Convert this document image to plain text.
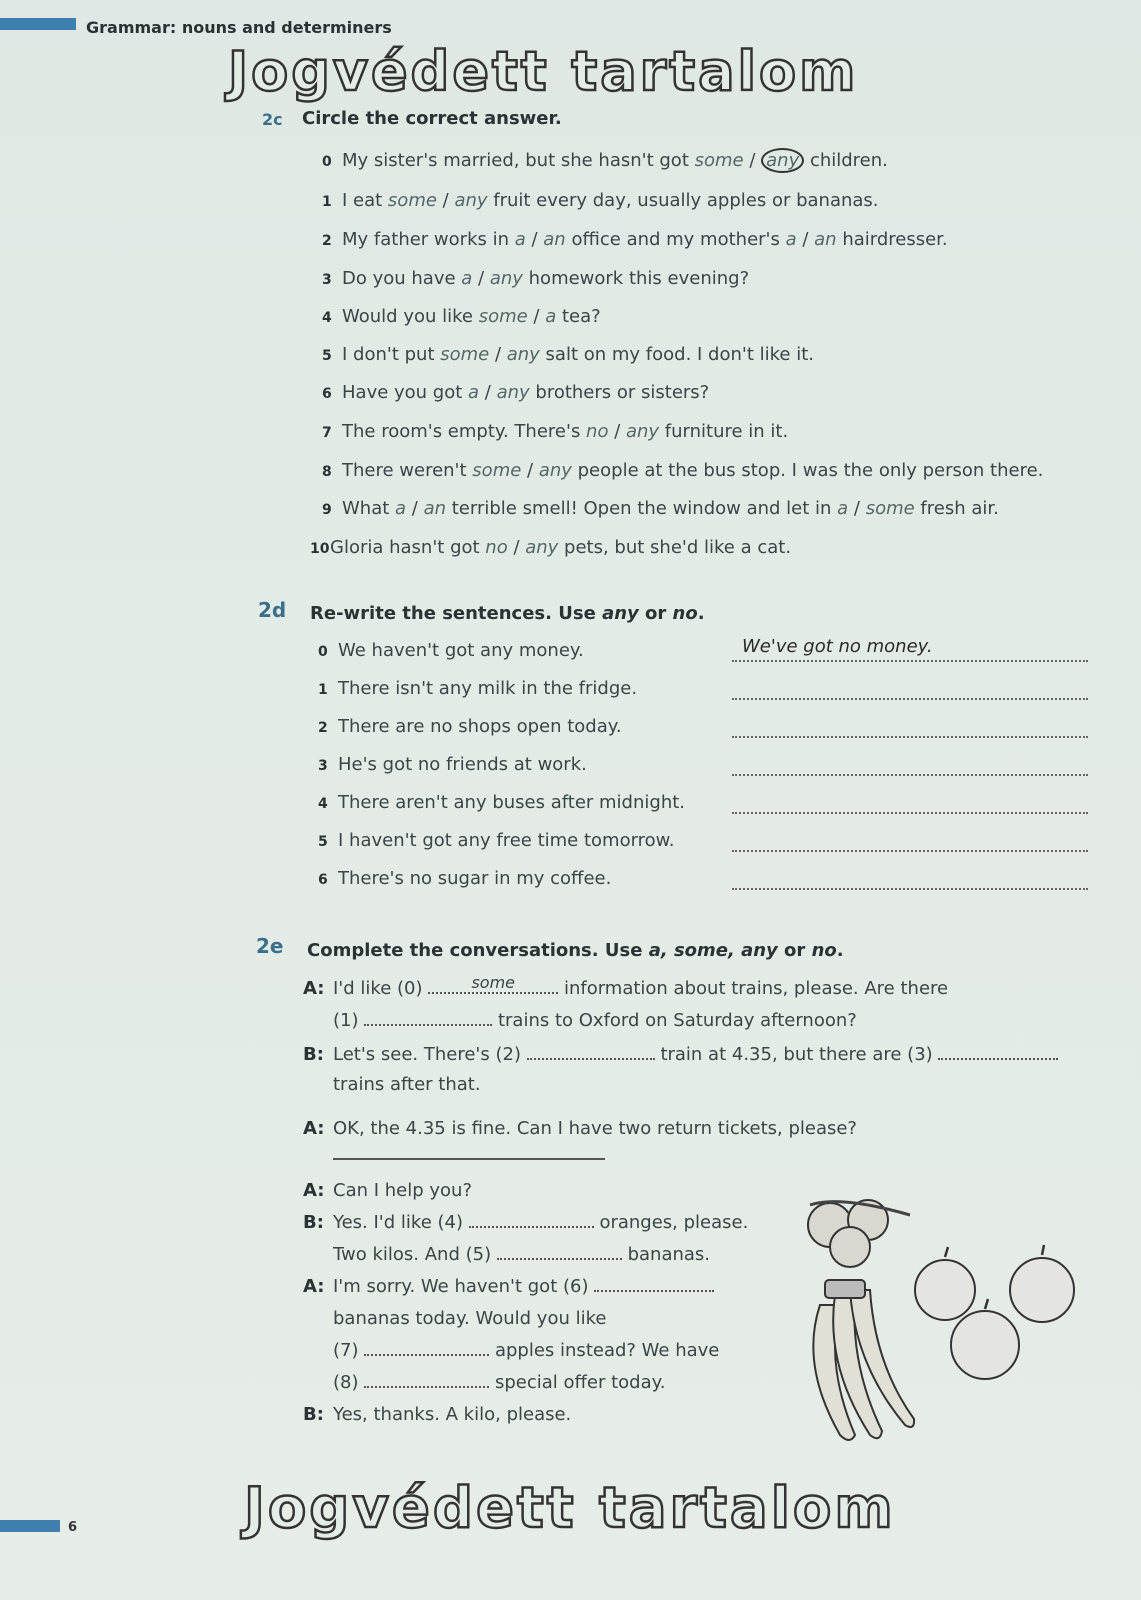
Grammar: nouns and determiners
Jogvédett tartalom
2c Circle the correct answer.
0 My sister's married, but she hasn't got some / any children.
1 I eat some / any fruit every day, usually apples or bananas.
2 My father works in a / an office and my mother's a / an hairdresser.
3 Do you have a / any homework this evening?
4 Would you like some / a tea?
5 I don't put some / any salt on my food. I don't like it.
6 Have you got a / any brothers or sisters?
7 The room's empty. There's no / any furniture in it.
8 There weren't some / any people at the bus stop. I was the only person there.
9 What a / an terrible smell! Open the window and let in a / some fresh air.
10Gloria hasn't got no / any pets, but she'd like a cat.
2d Re-write the sentences. Use any or no.
0 We haven't got any money.	We've got no money.
1 There isn't any milk in the fridge.
2 There are no shops open today.
3 He's got no friends at work.
4 There aren't any buses after midnight.
5 I haven't got any free time tomorrow.
6 There's no sugar in my coffee.
2e Complete the conversations. Use a, some, any or no.
A: I'd like (0)	some	information about trains, please. Are there
(1)	trains to Oxford on Saturday afternoon?
B: Let's see. There's (2)	train at 4.35, but there are (3)
trains after that.
A: OK, the 4.35 is fine. Can I have two return tickets, please?
A: Can I help you?
B: Yes. I'd like (4)	oranges, please.
Two kilos. And (5)	bananas.
A: I'm sorry. We haven't got (6)
bananas today. Would you like
(7)	apples instead? We have
(8)	special offer today.
B: Yes, thanks. A kilo, please.
6	Jogvédett tartalom
